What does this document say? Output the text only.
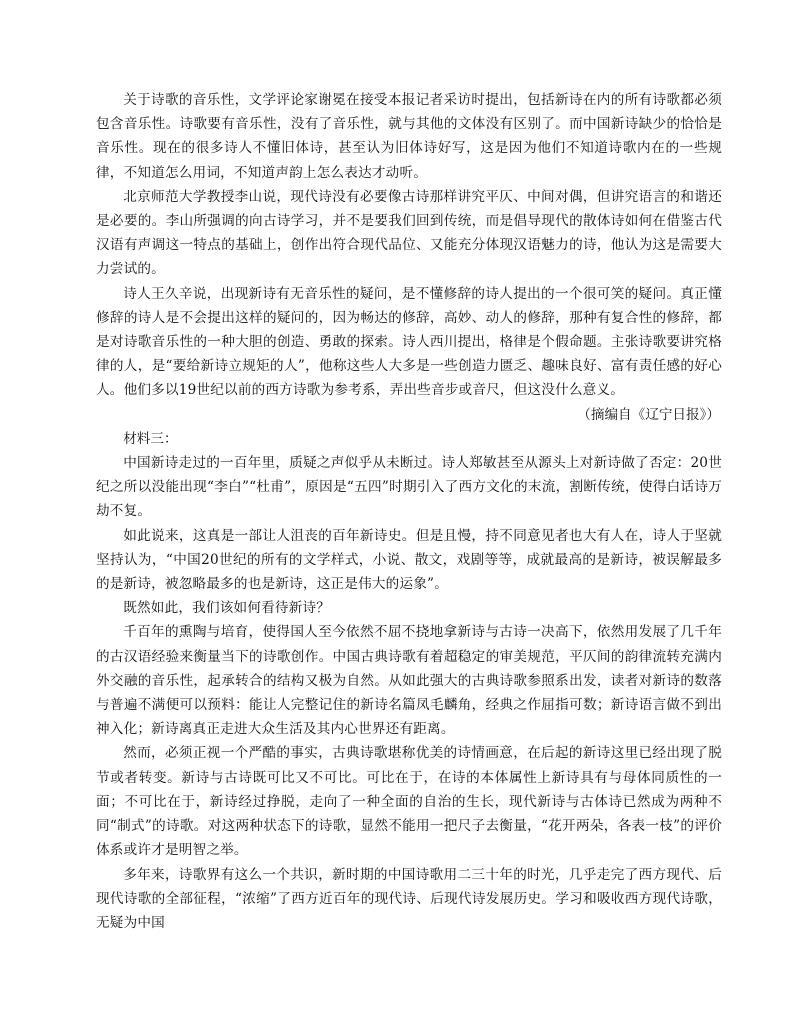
关于诗歌的音乐性，文学评论家谢冕在接受本报记者采访时提出，包括新诗在内的所有诗歌都必须包含音乐性。诗歌要有音乐性，没有了音乐性，就与其他的文体没有区别了。而中国新诗缺少的恰恰是音乐性。现在的很多诗人不懂旧体诗，甚至认为旧体诗好写，这是因为他们不知道诗歌内在的一些规律，不知道怎么用词，不知道声韵上怎么表达才动听。

北京师范大学教授李山说，现代诗没有必要像古诗那样讲究平仄、中间对偶，但讲究语言的和谐还是必要的。李山所强调的向古诗学习，并不是要我们回到传统，而是倡导现代的散体诗如何在借鉴古代汉语有声调这一特点的基础上，创作出符合现代品位、又能充分体现汉语魅力的诗，他认为这是需要大力尝试的。

诗人王久辛说，出现新诗有无音乐性的疑问，是不懂修辞的诗人提出的一个很可笑的疑问。真正懂修辞的诗人是不会提出这样的疑问的，因为畅达的修辞，高妙、动人的修辞，那种有复合性的修辞，都是对诗歌音乐性的一种大胆的创造、勇敢的探索。诗人西川提出，格律是个假命题。主张诗歌要讲究格律的人，是“要给新诗立规矩的人”，他称这些人大多是一些创造力匮乏、趣味良好、富有责任感的好心人。他们多以19世纪以前的西方诗歌为参考系，弄出些音步或音尺，但这没什么意义。

（摘编自《辽宁日报》）

材料三：

中国新诗走过的一百年里，质疑之声似乎从未断过。诗人郑敏甚至从源头上对新诗做了否定：20世纪之所以没能出现“李白”“杜甫”，原因是“五四”时期引入了西方文化的末流，割断传统，使得白话诗万劫不复。

如此说来，这真是一部让人沮丧的百年新诗史。但是且慢，持不同意见者也大有人在，诗人于坚就坚持认为，“中国20世纪的所有的文学样式，小说、散文，戏剧等等，成就最高的是新诗，被误解最多的是新诗，被忽略最多的也是新诗，这正是伟大的运象”。

既然如此，我们该如何看待新诗？

千百年的熏陶与培育，使得国人至今依然不屈不挠地拿新诗与古诗一决高下，依然用发展了几千年的古汉语经验来衡量当下的诗歌创作。中国古典诗歌有着超稳定的审美规范，平仄间的韵律流转充满内外交融的音乐性，起承转合的结构又极为自然。从如此强大的古典诗歌参照系出发，读者对新诗的数落与普遍不满便可以预料：能让人完整记住的新诗名篇凤毛麟角，经典之作屈指可数；新诗语言做不到出神入化；新诗离真正走进大众生活及其内心世界还有距离。

然而，必须正视一个严酷的事实，古典诗歌堪称优美的诗情画意，在后起的新诗这里已经出现了脱节或者转变。新诗与古诗既可比又不可比。可比在于，在诗的本体属性上新诗具有与母体同质性的一面；不可比在于，新诗经过挣脱，走向了一种全面的自治的生长，现代新诗与古体诗已然成为两种不同“制式”的诗歌。对这两种状态下的诗歌，显然不能用一把尺子去衡量，“花开两朵，各表一枝”的评价体系或许才是明智之举。

多年来，诗歌界有这么一个共识，新时期的中国诗歌用二三十年的时光，几乎走完了西方现代、后现代诗歌的全部征程，“浓缩”了西方近百年的现代诗、后现代诗发展历史。学习和吸收西方现代诗歌，无疑为中国
